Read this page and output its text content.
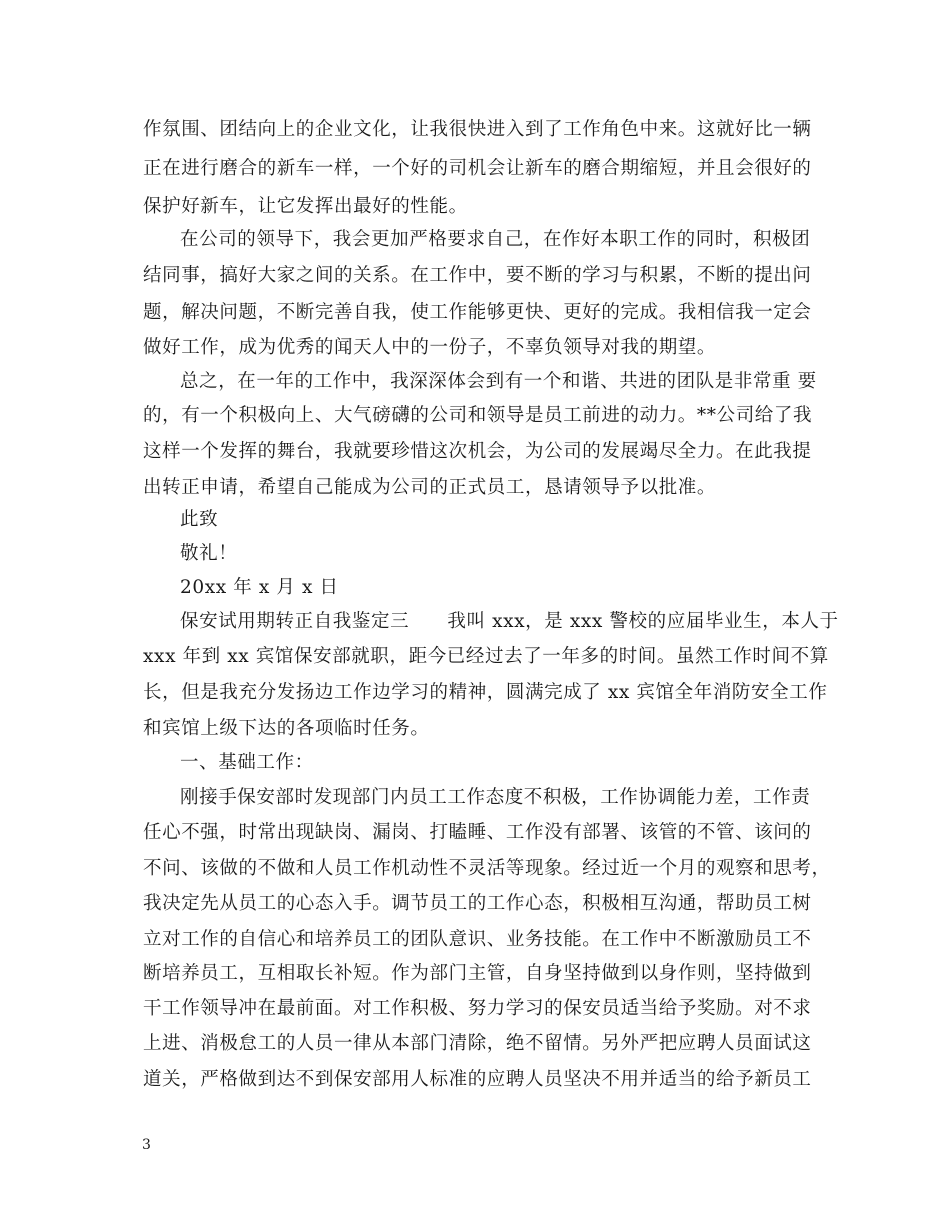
作氛围、团结向上的企业文化，让我很快进入到了工作角色中来。这就好比一辆
正在进行磨合的新车一样，一个好的司机会让新车的磨合期缩短，并且会很好的
保护好新车，让它发挥出最好的性能。
在公司的领导下，我会更加严格要求自己，在作好本职工作的同时，积极团
结同事，搞好大家之间的关系。在工作中，要不断的学习与积累，不断的提出问
题，解决问题，不断完善自我，使工作能够更快、更好的完成。我相信我一定会
做好工作，成为优秀的闻天人中的一份子，不辜负领导对我的期望。
总之，在一年的工作中，我深深体会到有一个和谐、共进的团队是非常重 要
的，有一个积极向上、大气磅礴的公司和领导是员工前进的动力。**公司给了我
这样一个发挥的舞台，我就要珍惜这次机会，为公司的发展竭尽全力。在此我提
出转正申请，希望自己能成为公司的正式员工，恳请领导予以批准。
此致
敬礼！
20xx 年 x 月 x 日
保安试用期转正自我鉴定三　　我叫 xxx，是 xxx 警校的应届毕业生，本人于
xxx 年到 xx 宾馆保安部就职，距今已经过去了一年多的时间。虽然工作时间不算
长，但是我充分发扬边工作边学习的精神，圆满完成了 xx 宾馆全年消防安全工作
和宾馆上级下达的各项临时任务。
一、基础工作：
刚接手保安部时发现部门内员工工作态度不积极，工作协调能力差，工作责
任心不强，时常出现缺岗、漏岗、打瞌睡、工作没有部署、该管的不管、该问的
不问、该做的不做和人员工作机动性不灵活等现象。经过近一个月的观察和思考，
我决定先从员工的心态入手。调节员工的工作心态，积极相互沟通，帮助员工树
立对工作的自信心和培养员工的团队意识、业务技能。在工作中不断激励员工不
断培养员工，互相取长补短。作为部门主管，自身坚持做到以身作则，坚持做到
干工作领导冲在最前面。对工作积极、努力学习的保安员适当给予奖励。对不求
上进、消极怠工的人员一律从本部门清除，绝不留情。另外严把应聘人员面试这
道关，严格做到达不到保安部用人标准的应聘人员坚决不用并适当的给予新员工
3
